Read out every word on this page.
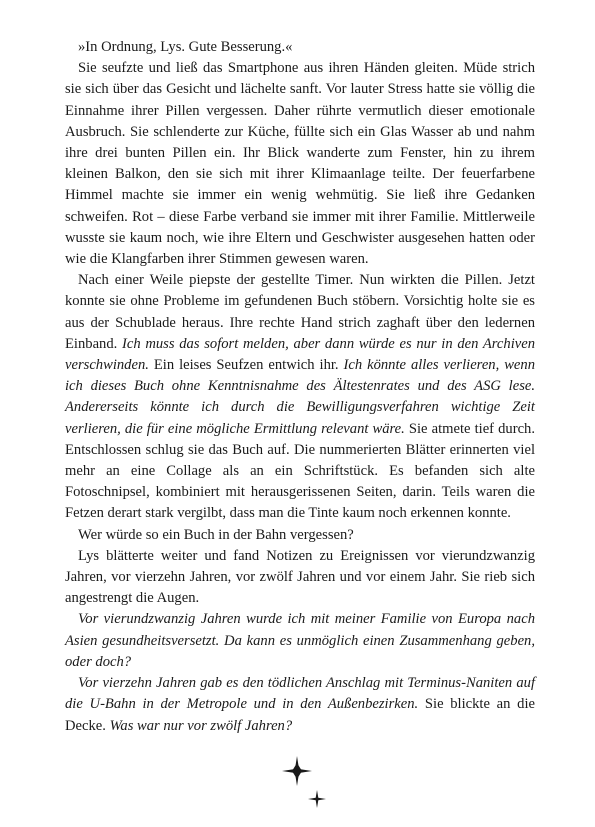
»In Ordnung, Lys. Gute Besserung.«

Sie seufzte und ließ das Smartphone aus ihren Händen gleiten. Müde strich sie sich über das Gesicht und lächelte sanft. Vor lauter Stress hatte sie völlig die Einnahme ihrer Pillen vergessen. Daher rührte vermutlich dieser emotionale Ausbruch. Sie schlenderte zur Küche, füllte sich ein Glas Wasser ab und nahm ihre drei bunten Pillen ein. Ihr Blick wanderte zum Fenster, hin zu ihrem kleinen Balkon, den sie sich mit ihrer Klimaanlage teilte. Der feuerfarbene Himmel machte sie immer ein wenig wehmütig. Sie ließ ihre Gedanken schweifen. Rot – diese Farbe verband sie immer mit ihrer Familie. Mittlerweile wusste sie kaum noch, wie ihre Eltern und Geschwister ausgesehen hatten oder wie die Klangfarben ihrer Stimmen gewesen waren.

Nach einer Weile piepste der gestellte Timer. Nun wirkten die Pillen. Jetzt konnte sie ohne Probleme im gefundenen Buch stöbern. Vorsichtig holte sie es aus der Schublade heraus. Ihre rechte Hand strich zaghaft über den ledernen Einband. Ich muss das sofort melden, aber dann würde es nur in den Archiven verschwinden. Ein leises Seufzen entwich ihr. Ich könnte alles verlieren, wenn ich dieses Buch ohne Kenntnisnahme des Ältestenrates und des ASG lese. Andererseits könnte ich durch die Bewilligungsverfahren wichtige Zeit verlieren, die für eine mögliche Ermittlung relevant wäre. Sie atmete tief durch. Entschlossen schlug sie das Buch auf. Die nummerierten Blätter erinnerten viel mehr an eine Collage als an ein Schriftstück. Es befanden sich alte Fotoschnipsel, kombiniert mit herausgerissenen Seiten, darin. Teils waren die Fetzen derart stark vergilbt, dass man die Tinte kaum noch erkennen konnte.

Wer würde so ein Buch in der Bahn vergessen?

Lys blätterte weiter und fand Notizen zu Ereignissen vor vierundzwanzig Jahren, vor vierzehn Jahren, vor zwölf Jahren und vor einem Jahr. Sie rieb sich angestrengt die Augen.

Vor vierundzwanzig Jahren wurde ich mit meiner Familie von Europa nach Asien gesundheitsversetzt. Da kann es unmöglich einen Zusammenhang geben, oder doch?

Vor vierzehn Jahren gab es den tödlichen Anschlag mit Terminus-Naniten auf die U-Bahn in der Metropole und in den Außenbezirken. Sie blickte an die Decke. Was war nur vor zwölf Jahren?
